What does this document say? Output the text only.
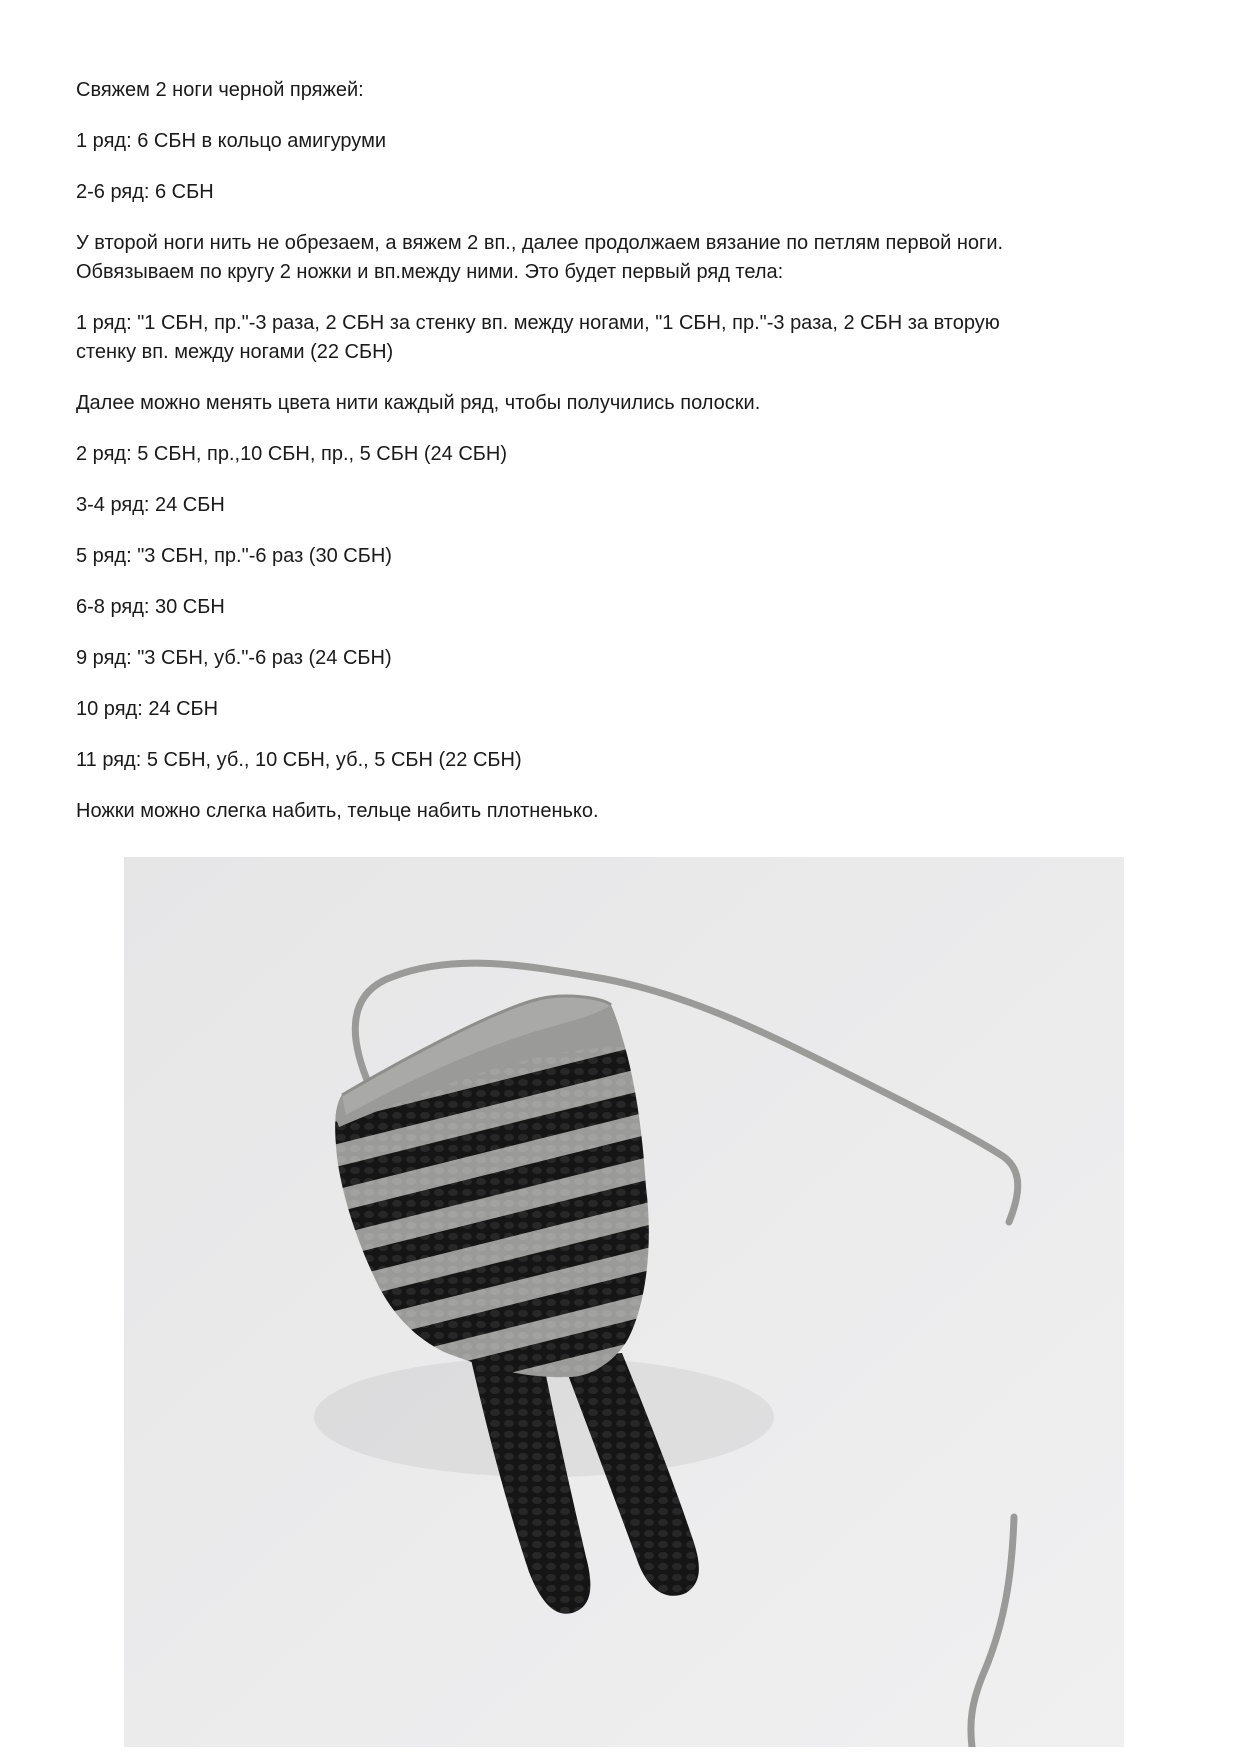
Свяжем 2 ноги черной пряжей:

1 ряд: 6 СБН в кольцо амигуруми

2-6 ряд: 6 СБН

У второй ноги нить не обрезаем, а вяжем 2 вп., далее продолжаем вязание по петлям первой ноги.
Обвязываем по кругу 2 ножки и вп.между ними. Это будет первый ряд тела:

1 ряд: "1 СБН, пр."-3 раза, 2 СБН за стенку вп. между ногами, "1 СБН, пр."-3 раза, 2 СБН за вторую
стенку вп. между ногами (22 СБН)

Далее можно менять цвета нити каждый ряд, чтобы получились полоски.

2 ряд: 5 СБН, пр.,10 СБН, пр., 5 СБН (24 СБН)

3-4 ряд: 24 СБН

5 ряд: "3 СБН, пр."-6 раз (30 СБН)

6-8 ряд: 30 СБН

9 ряд: "3 СБН, уб."-6 раз (24 СБН)

10 ряд: 24 СБН

11 ряд: 5 СБН, уб., 10 СБН, уб., 5 СБН (22 СБН)

Ножки можно слегка набить, тельце набить плотненько.
